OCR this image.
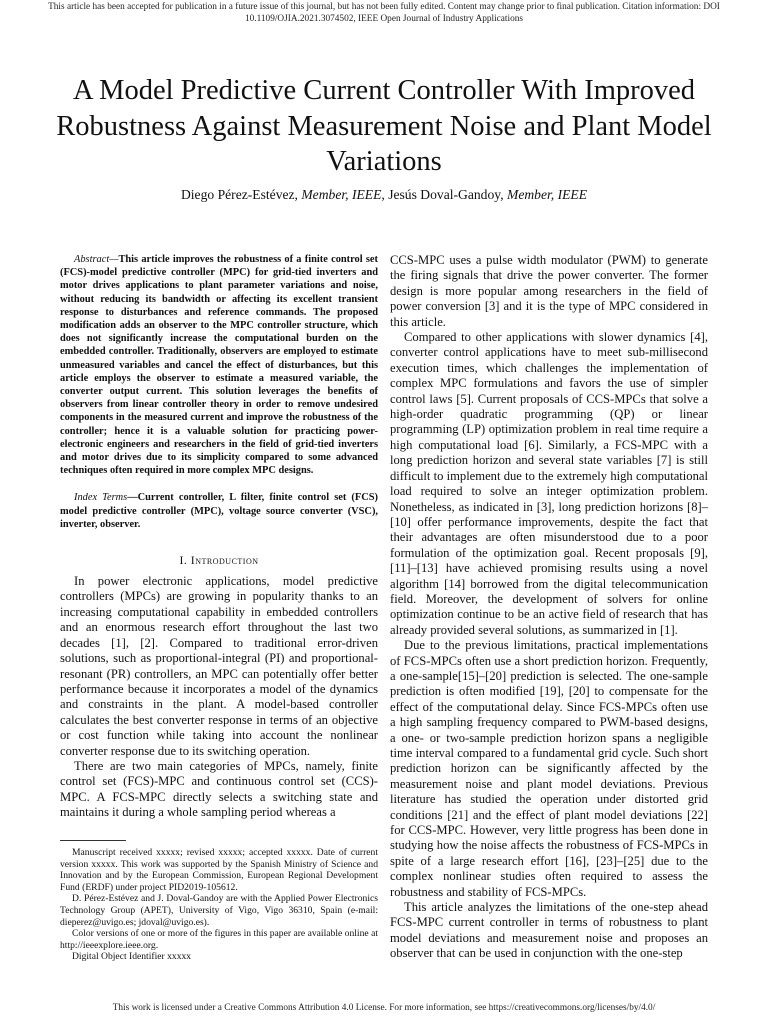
This article has been accepted for publication in a future issue of this journal, but has not been fully edited. Content may change prior to final publication. Citation information: DOI 10.1109/OJIA.2021.3074502, IEEE Open Journal of Industry Applications
A Model Predictive Current Controller With Improved Robustness Against Measurement Noise and Plant Model Variations
Diego Pérez-Estévez, Member, IEEE, Jesús Doval-Gandoy, Member, IEEE

Abstract—This article improves the robustness of a finite control set (FCS)-model predictive controller (MPC) for grid-tied inverters and motor drives applications to plant parameter variations and noise, without reducing its bandwidth or affecting its excellent transient response to disturbances and reference commands. The proposed modification adds an observer to the MPC controller structure, which does not significantly increase the computational burden on the embedded controller. Traditionally, observers are employed to estimate unmeasured variables and cancel the effect of disturbances, but this article employs the observer to estimate a measured variable, the converter output current. This solution leverages the benefits of observers from linear controller theory in order to remove undesired components in the measured current and improve the robustness of the controller; hence it is a valuable solution for practicing power-electronic engineers and researchers in the field of grid-tied inverters and motor drives due to its simplicity compared to some advanced techniques often required in more complex MPC designs.

Index Terms—Current controller, L filter, finite control set (FCS) model predictive controller (MPC), voltage source converter (VSC), inverter, observer.

I. Introduction

In power electronic applications, model predictive controllers (MPCs) are growing in popularity thanks to an increasing computational capability in embedded controllers and an enormous research effort throughout the last two decades [1], [2]. Compared to traditional error-driven solutions, such as proportional-integral (PI) and proportional-resonant (PR) controllers, an MPC can potentially offer better performance because it incorporates a model of the dynamics and constraints in the plant. A model-based controller calculates the best converter response in terms of an objective or cost function while taking into account the nonlinear converter response due to its switching operation.

There are two main categories of MPCs, namely, finite control set (FCS)-MPC and continuous control set (CCS)-MPC. A FCS-MPC directly selects a switching state and maintains it during a whole sampling period whereas a

Manuscript received xxxxx; revised xxxxx; accepted xxxxx. Date of current version xxxxx. This work was supported by the Spanish Ministry of Science and Innovation and by the European Commission, European Regional Development Fund (ERDF) under project PID2019-105612.

D. Pérez-Estévez and J. Doval-Gandoy are with the Applied Power Electronics Technology Group (APET), University of Vigo, Vigo 36310, Spain (e-mail: dieperez@uvigo.es; jdoval@uvigo.es).

Color versions of one or more of the figures in this paper are available online at http://ieeexplore.ieee.org.

Digital Object Identifier xxxxx

CCS-MPC uses a pulse width modulator (PWM) to generate the firing signals that drive the power converter. The former design is more popular among researchers in the field of power conversion [3] and it is the type of MPC considered in this article.

Compared to other applications with slower dynamics [4], converter control applications have to meet sub-millisecond execution times, which challenges the implementation of complex MPC formulations and favors the use of simpler control laws [5]. Current proposals of CCS-MPCs that solve a high-order quadratic programming (QP) or linear programming (LP) optimization problem in real time require a high computational load [6]. Similarly, a FCS-MPC with a long prediction horizon and several state variables [7] is still difficult to implement due to the extremely high computational load required to solve an integer optimization problem. Nonetheless, as indicated in [3], long prediction horizons [8]–[10] offer performance improvements, despite the fact that their advantages are often misunderstood due to a poor formulation of the optimization goal. Recent proposals [9], [11]–[13] have achieved promising results using a novel algorithm [14] borrowed from the digital telecommunication field. Moreover, the development of solvers for online optimization continue to be an active field of research that has already provided several solutions, as summarized in [1].

Due to the previous limitations, practical implementations of FCS-MPCs often use a short prediction horizon. Frequently, a one-sample[15]–[20] prediction is selected. The one-sample prediction is often modified [19], [20] to compensate for the effect of the computational delay. Since FCS-MPCs often use a high sampling frequency compared to PWM-based designs, a one- or two-sample prediction horizon spans a negligible time interval compared to a fundamental grid cycle. Such short prediction horizon can be significantly affected by the measurement noise and plant model deviations. Previous literature has studied the operation under distorted grid conditions [21] and the effect of plant model deviations [22] for CCS-MPC. However, very little progress has been done in studying how the noise affects the robustness of FCS-MPCs in spite of a large research effort [16], [23]–[25] due to the complex nonlinear studies often required to assess the robustness and stability of FCS-MPCs.

This article analyzes the limitations of the one-step ahead FCS-MPC current controller in terms of robustness to plant model deviations and measurement noise and proposes an observer that can be used in conjunction with the one-step

This work is licensed under a Creative Commons Attribution 4.0 License. For more information, see https://creativecommons.org/licenses/by/4.0/
